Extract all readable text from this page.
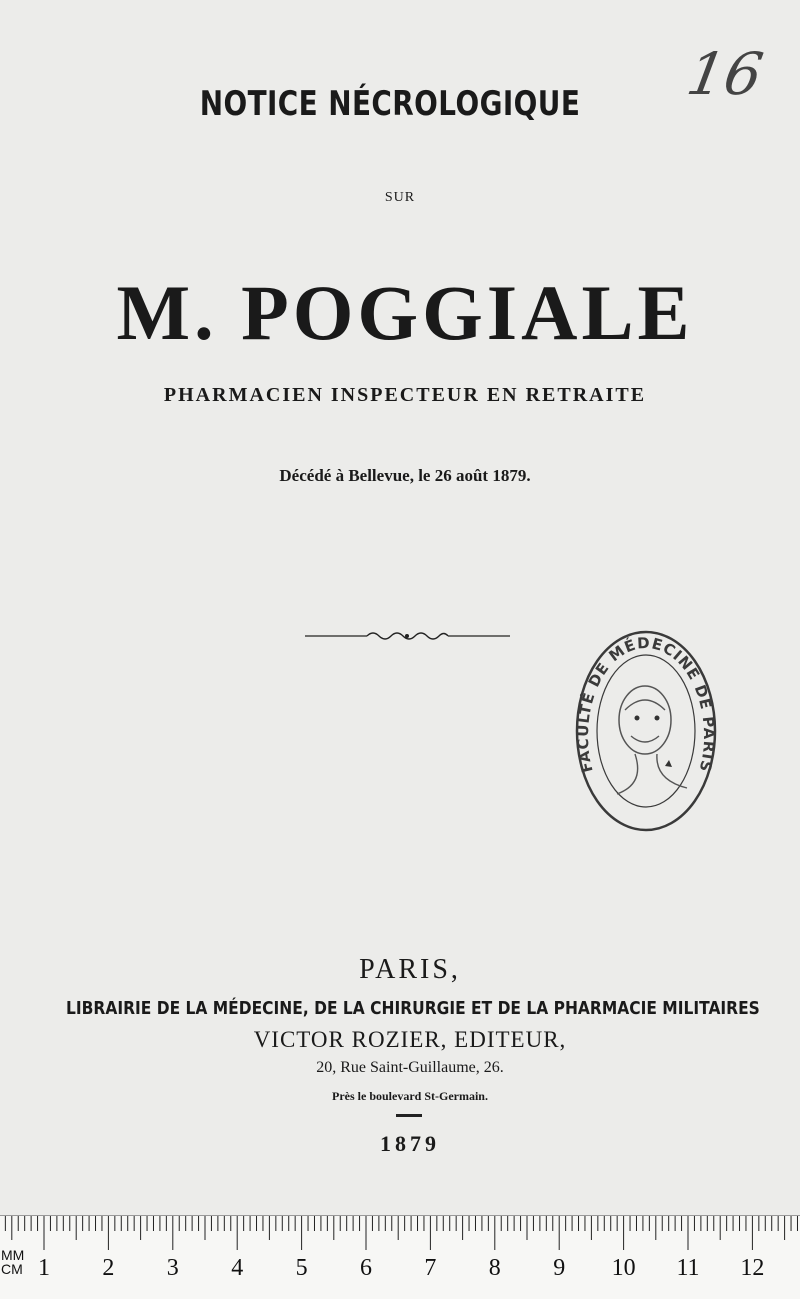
16
NOTICE NÉCROLOGIQUE
SUR
M. POGGIALE
PHARMACIEN INSPECTEUR EN RETRAITE
Décédé à Bellevue, le 26 août 1879.
FACULTÉ DE MÉDECINE DE PARIS
PARIS,
LIBRAIRIE DE LA MÉDECINE, DE LA CHIRURGIE ET DE LA PHARMACIE MILITAIRES
VICTOR ROZIER, EDITEUR,
20, Rue Saint-Guillaume, 26.
Près le boulevard St-Germain.
1879
MM
CM 1	2	3	4	5	6	7	8	9	10 11 12
